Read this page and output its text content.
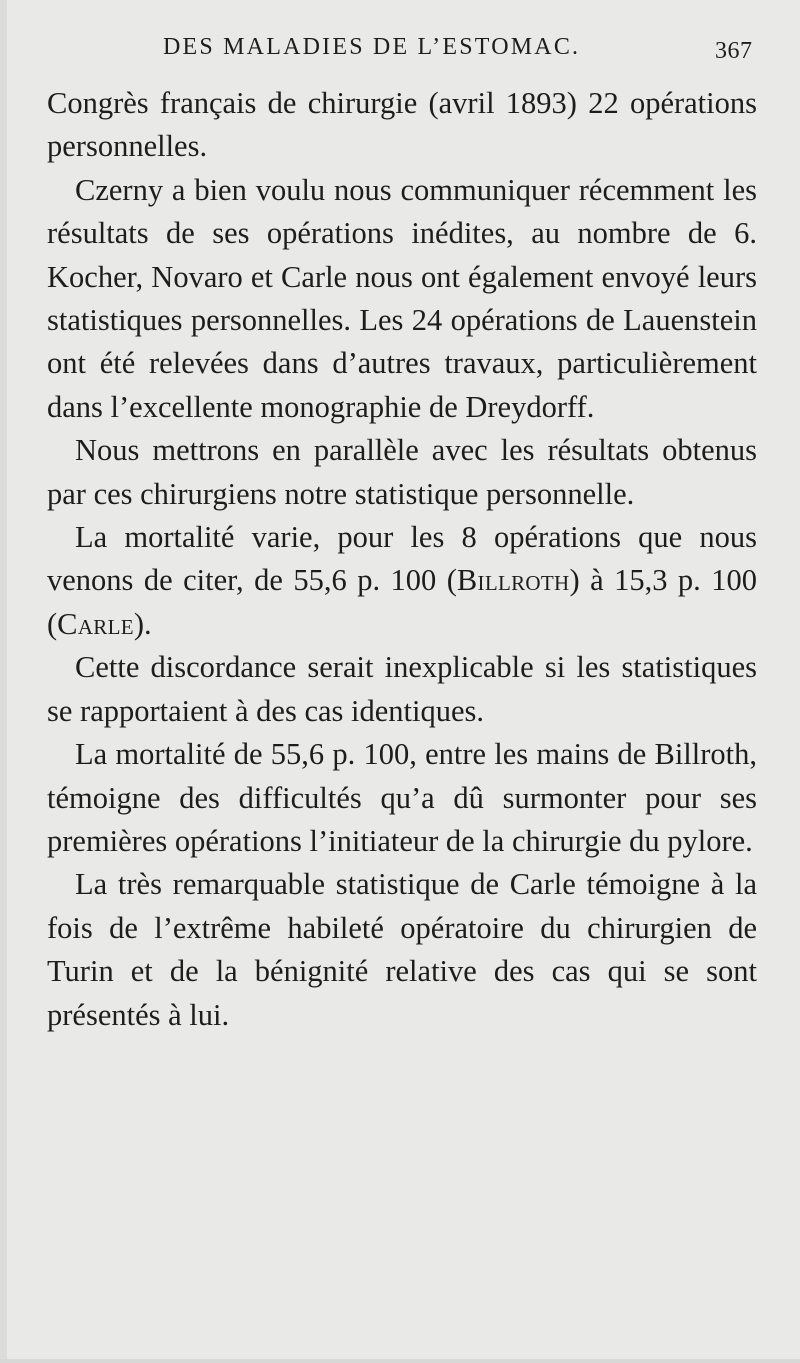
DES MALADIES DE L’ESTOMAC.	367

Congrès français de chirurgie (avril 1893) 22 opérations personnelles.

Czerny a bien voulu nous communiquer récemment les résultats de ses opérations inédites, au nombre de 6. Kocher, Novaro et Carle nous ont également envoyé leurs statistiques personnelles. Les 24 opérations de Lauenstein ont été relevées dans d’autres travaux, particulièrement dans l’excellente monographie de Dreydorff.

Nous mettrons en parallèle avec les résultats obtenus par ces chirurgiens notre statistique personnelle.

La mortalité varie, pour les 8 opérations que nous venons de citer, de 55,6 p. 100 (Billroth) à 15,3 p. 100 (Carle).

Cette discordance serait inexplicable si les statistiques se rapportaient à des cas identiques.

La mortalité de 55,6 p. 100, entre les mains de Billroth, témoigne des difficultés qu’a dû surmonter pour ses premières opérations l’initiateur de la chirurgie du pylore.

La très remarquable statistique de Carle témoigne à la fois de l’extrême habileté opératoire du chirurgien de Turin et de la bénignité relative des cas qui se sont présentés à lui.
